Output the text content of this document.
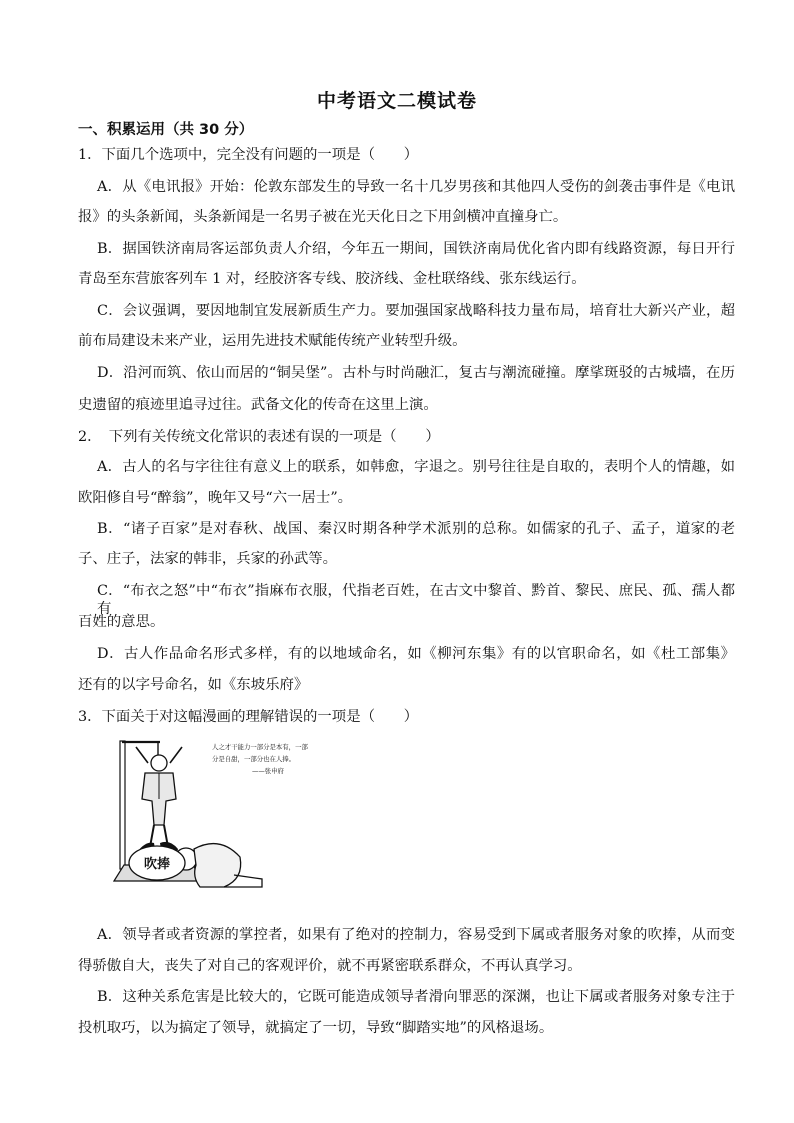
中考语文二模试卷
一、积累运用（共 30 分）
1．下面几个选项中，完全没有问题的一项是（　　）
A．从《电讯报》开始：伦敦东部发生的导致一名十几岁男孩和其他四人受伤的剑袭击事件是《电讯
报》的头条新闻，头条新闻是一名男子被在光天化日之下用剑横冲直撞身亡。
B．据国铁济南局客运部负责人介绍，今年五一期间，国铁济南局优化省内即有线路资源，每日开行
青岛至东营旅客列车 1 对，经胶济客专线、胶济线、金杜联络线、张东线运行。
C．会议强调，要因地制宜发展新质生产力。要加强国家战略科技力量布局，培育壮大新兴产业，超
前布局建设未来产业，运用先进技术赋能传统产业转型升级。
D．沿河而筑、依山而居的“铜吴堡”。古朴与时尚融汇，复古与潮流碰撞。摩挲斑驳的古城墙，在历
史遗留的痕迹里追寻过往。武备文化的传奇在这里上演。
2．　下列有关传统文化常识的表述有误的一项是（　　）
A．古人的名与字往往有意义上的联系，如韩愈，字退之。别号往往是自取的，表明个人的情趣，如
欧阳修自号“醉翁”，晚年又号“六一居士”。
B．“诸子百家”是对春秋、战国、秦汉时期各种学术派别的总称。如儒家的孔子、孟子，道家的老
子、庄子，法家的韩非，兵家的孙武等。
C．“布衣之怒”中“布衣”指麻布衣服，代指老百姓，在古文中黎首、黔首、黎民、庶民、孤、孺人都有
百姓的意思。
D．古人作品命名形式多样，有的以地域命名，如《柳河东集》有的以官职命名，如《杜工部集》
还有的以字号命名，如《东坡乐府》
3．下面关于对这幅漫画的理解错误的一项是（　　）
吹捧
人之才干能力一部分是本有，一部
分是自甜，一部分也在人捧。
——张申府
A．领导者或者资源的掌控者，如果有了绝对的控制力，容易受到下属或者服务对象的吹捧，从而变
得骄傲自大，丧失了对自己的客观评价，就不再紧密联系群众，不再认真学习。
B．这种关系危害是比较大的，它既可能造成领导者滑向罪恶的深渊，也让下属或者服务对象专注于
投机取巧，以为搞定了领导，就搞定了一切，导致“脚踏实地”的风格退场。
